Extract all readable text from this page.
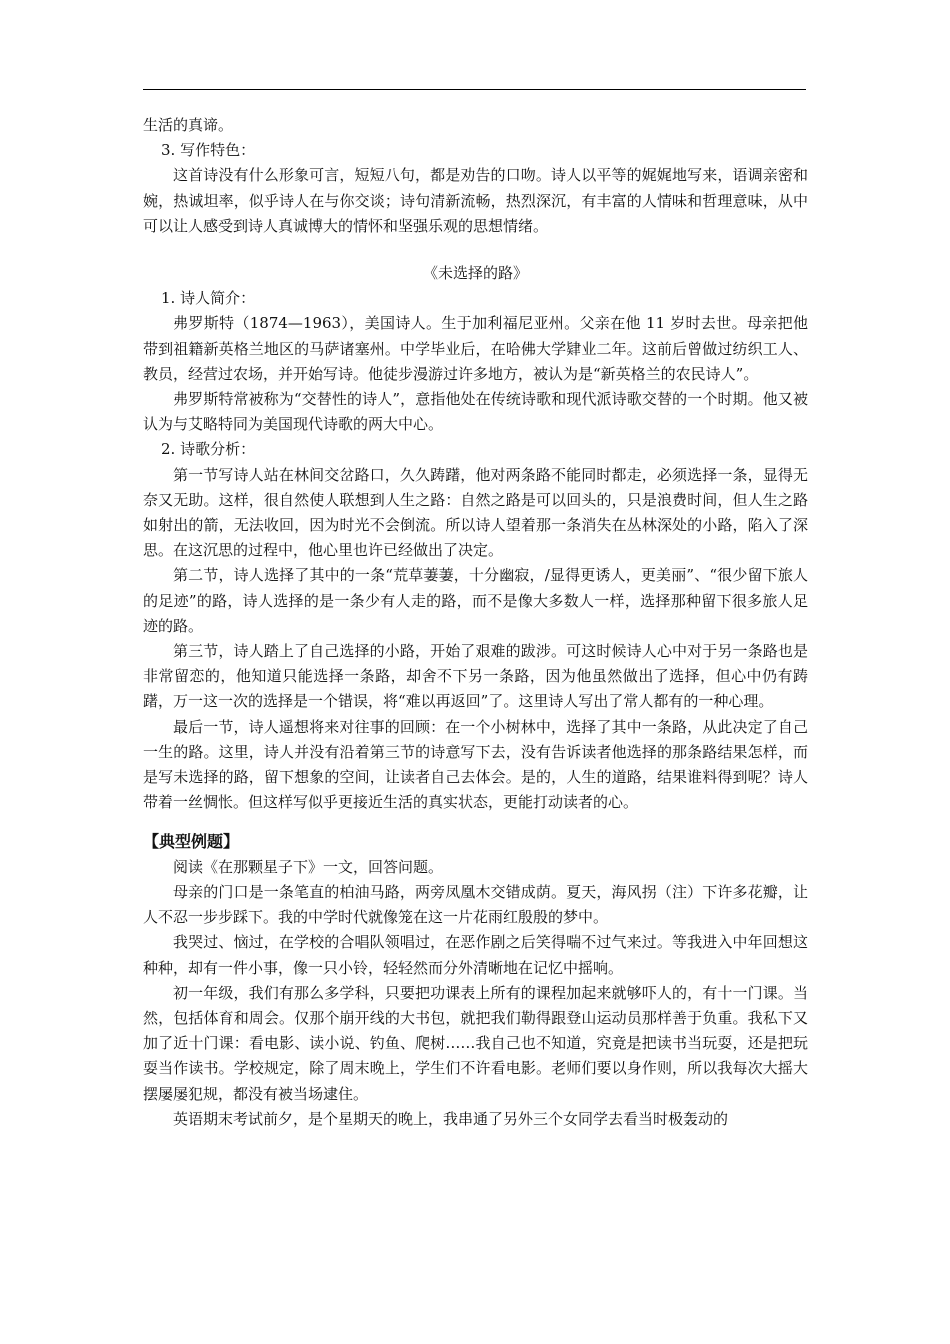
生活的真谛。

3. 写作特色：

这首诗没有什么形象可言，短短八句，都是劝告的口吻。诗人以平等的娓娓地写来，语调亲密和婉，热诚坦率，似乎诗人在与你交谈；诗句清新流畅，热烈深沉，有丰富的人情味和哲理意味，从中可以让人感受到诗人真诚博大的情怀和坚强乐观的思想情绪。

《未选择的路》

1. 诗人简介：

弗罗斯特（1874—1963），美国诗人。生于加利福尼亚州。父亲在他 11 岁时去世。母亲把他带到祖籍新英格兰地区的马萨诸塞州。中学毕业后，在哈佛大学肄业二年。这前后曾做过纺织工人、教员，经营过农场，并开始写诗。他徒步漫游过许多地方，被认为是“新英格兰的农民诗人”。

弗罗斯特常被称为“交替性的诗人”，意指他处在传统诗歌和现代派诗歌交替的一个时期。他又被认为与艾略特同为美国现代诗歌的两大中心。

2. 诗歌分析：

第一节写诗人站在林间交岔路口，久久踌躇，他对两条路不能同时都走，必须选择一条，显得无奈又无助。这样，很自然使人联想到人生之路：自然之路是可以回头的，只是浪费时间，但人生之路如射出的箭，无法收回，因为时光不会倒流。所以诗人望着那一条消失在丛林深处的小路，陷入了深思。在这沉思的过程中，他心里也许已经做出了决定。

第二节，诗人选择了其中的一条“荒草萋萋，十分幽寂，/显得更诱人，更美丽”、“很少留下旅人的足迹”的路，诗人选择的是一条少有人走的路，而不是像大多数人一样，选择那种留下很多旅人足迹的路。

第三节，诗人踏上了自己选择的小路，开始了艰难的跋涉。可这时候诗人心中对于另一条路也是非常留恋的，他知道只能选择一条路，却舍不下另一条路，因为他虽然做出了选择，但心中仍有踌躇，万一这一次的选择是一个错误，将“难以再返回”了。这里诗人写出了常人都有的一种心理。

最后一节，诗人遥想将来对往事的回顾：在一个小树林中，选择了其中一条路，从此决定了自己一生的路。这里，诗人并没有沿着第三节的诗意写下去，没有告诉读者他选择的那条路结果怎样，而是写未选择的路，留下想象的空间，让读者自己去体会。是的，人生的道路，结果谁料得到呢？诗人带着一丝惆怅。但这样写似乎更接近生活的真实状态，更能打动读者的心。

【典型例题】

阅读《在那颗星子下》一文，回答问题。

母亲的门口是一条笔直的柏油马路，两旁凤凰木交错成荫。夏天，海风拐（注）下许多花瓣，让人不忍一步步踩下。我的中学时代就像笼在这一片花雨红殷殷的梦中。

我哭过、恼过，在学校的合唱队领唱过，在恶作剧之后笑得喘不过气来过。等我进入中年回想这种种，却有一件小事，像一只小铃，轻轻然而分外清晰地在记忆中摇响。

初一年级，我们有那么多学科，只要把功课表上所有的课程加起来就够吓人的，有十一门课。当然，包括体育和周会。仅那个崩开线的大书包，就把我们勒得跟登山运动员那样善于负重。我私下又加了近十门课：看电影、读小说、钓鱼、爬树……我自己也不知道，究竟是把读书当玩耍，还是把玩耍当作读书。学校规定，除了周末晚上，学生们不许看电影。老师们要以身作则，所以我每次大摇大摆屡屡犯规，都没有被当场逮住。

英语期末考试前夕，是个星期天的晚上，我串通了另外三个女同学去看当时极轰动的
